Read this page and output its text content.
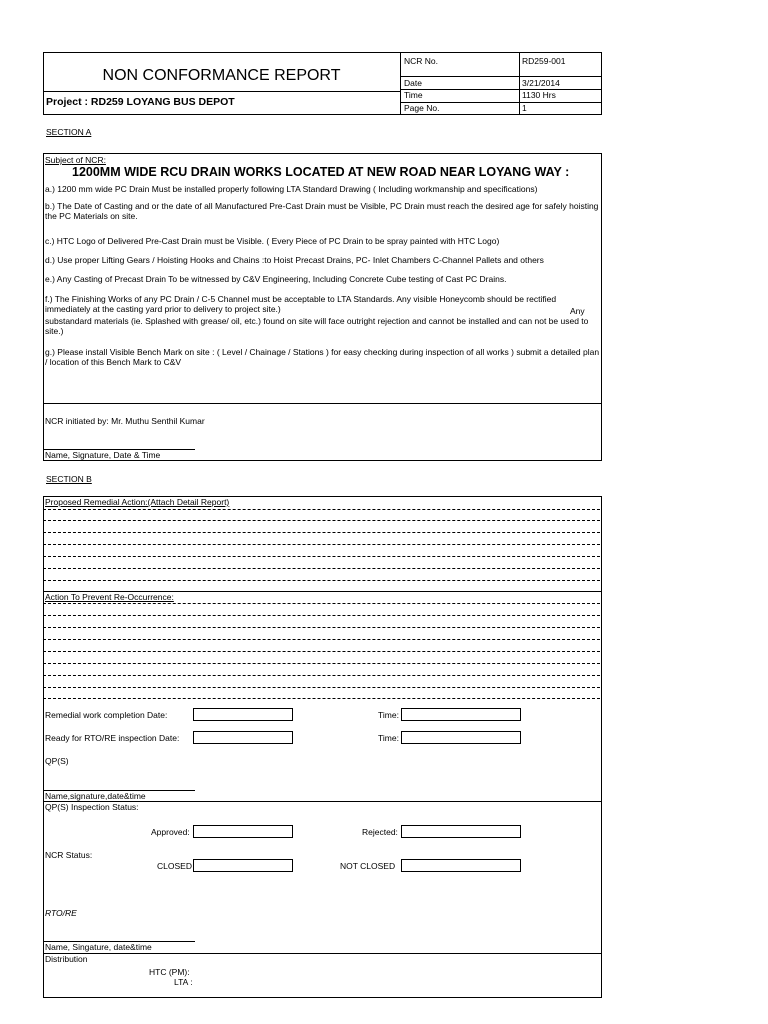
NON CONFORMANCE REPORT
Project : RD259 LOYANG BUS DEPOT
NCR No.	RD259-001
Date	3/21/2014
Time	1130 Hrs
Page No.	1
SECTION A
Subject of NCR:
1200MM WIDE RCU DRAIN WORKS LOCATED AT NEW ROAD NEAR LOYANG WAY :
a.) 1200 mm wide PC Drain Must be installed properly following LTA Standard Drawing ( Including workmanship and specifications)
b.) The Date of Casting and or the date of all Manufactured Pre-Cast Drain must be Visible, PC Drain must reach the desired age for safely hoisting the PC Materials on site.
c.) HTC Logo of Delivered Pre-Cast Drain must be Visible. ( Every Piece of PC Drain to be spray painted with HTC Logo)
d.) Use proper Lifting Gears / Hoisting Hooks and Chains :to Hoist Precast Drains, PC- Inlet Chambers C-Channel Pallets and others
e.) Any Casting of Precast Drain To be witnessed by C&V Engineering, Including Concrete Cube testing of Cast PC Drains.
f.) The Finishing Works of any PC Drain / C-5 Channel must be acceptable to LTA Standards. Any visible Honeycomb should be rectified immediately at the casting yard prior to delivery to project site.)	Any
substandard materials (ie. Splashed with grease/ oil, etc.) found on site will face outright rejection and cannot be installed and can not be used to site.)
g.) Please install Visible Bench Mark on site : ( Level / Chainage / Stations ) for easy checking during inspection of all works ) submit a detailed plan / location of this Bench Mark to C&V
NCR initiated by: Mr. Muthu Senthil Kumar
Name, Signature, Date & Time
SECTION B
Proposed Remedial Action:(Attach Detail Report)
Action To Prevent Re-Occurrence:
Remedial work completion Date:	Time:
Ready for RTO/RE inspection Date:	Time:
QP(S)
Name,signature,date&time
QP(S) Inspection Status:
Approved:	Rejected:
NCR Status:
CLOSED	NOT CLOSED
RTO/RE
Name, Singature, date&time
Distribution
HTC (PM):
LTA :
